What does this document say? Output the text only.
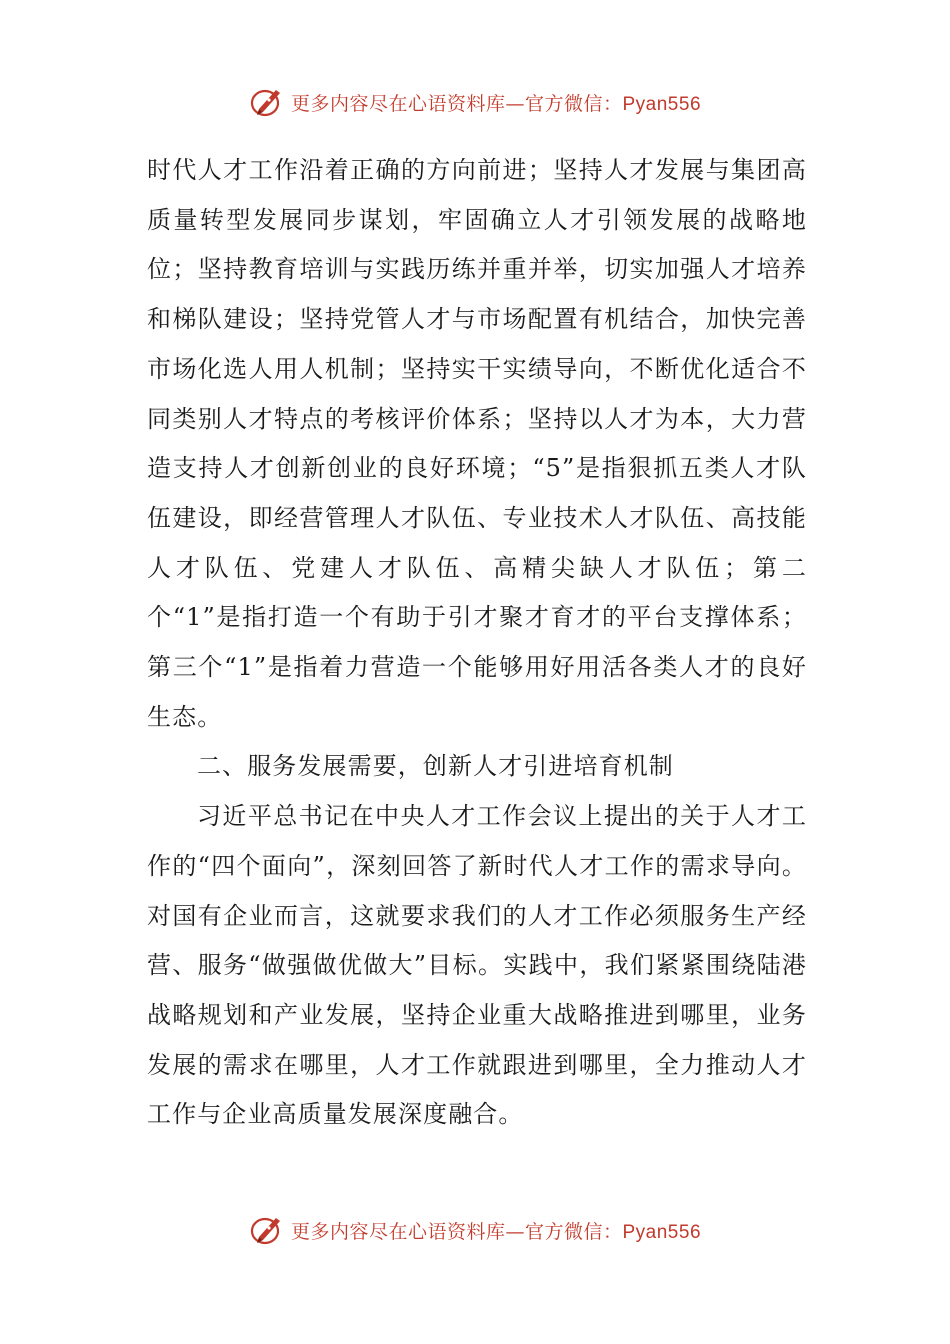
更多内容尽在心语资料库—官方微信：Pyan556

时代人才工作沿着正确的方向前进；坚持人才发展与集团高质量转型发展同步谋划，牢固确立人才引领发展的战略地位；坚持教育培训与实践历练并重并举，切实加强人才培养和梯队建设；坚持党管人才与市场配置有机结合，加快完善市场化选人用人机制；坚持实干实绩导向，不断优化适合不同类别人才特点的考核评价体系；坚持以人才为本，大力营造支持人才创新创业的良好环境；“5”是指狠抓五类人才队伍建设，即经营管理人才队伍、专业技术人才队伍、高技能人才队伍、党建人才队伍、高精尖缺人才队伍；第二个“1”是指打造一个有助于引才聚才育才的平台支撑体系；第三个“1”是指着力营造一个能够用好用活各类人才的良好生态。

二、服务发展需要，创新人才引进培育机制

习近平总书记在中央人才工作会议上提出的关于人才工作的“四个面向”，深刻回答了新时代人才工作的需求导向。对国有企业而言，这就要求我们的人才工作必须服务生产经营、服务“做强做优做大”目标。实践中，我们紧紧围绕陆港战略规划和产业发展，坚持企业重大战略推进到哪里，业务发展的需求在哪里，人才工作就跟进到哪里，全力推动人才工作与企业高质量发展深度融合。

更多内容尽在心语资料库—官方微信：Pyan556
